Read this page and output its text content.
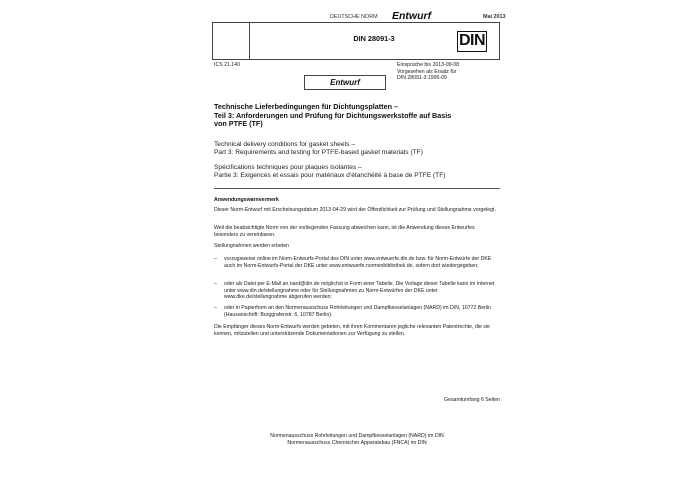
DEUTSCHE NORM Entwurf	Mai 2013
DIN 28091-3	DIN
ICS 21.140	Einsprüche bis 2013-09-08
Vorgesehen als Ersatz für
DIN 28091-3:1995-09
Entwurf
Technische Lieferbedingungen für Dichtungsplatten –
Teil 3: Anforderungen und Prüfung für Dichtungswerkstoffe auf Basis
von PTFE (TF)
Technical delivery conditions for gasket sheets –
Part 3: Requirements and testing for PTFE-based gasket materials (TF)
Spécifications techniques pour plaques isolantes –
Partie 3: Exigences et essais pour matériaux d'étanchéité à base de PTFE (TF)
Anwendungswarnvermerk
Dieser Norm-Entwurf mit Erscheinungsdatum 2013-04-29 wird der Öffentlichkeit zur Prüfung und Stellungnahme vorgelegt.
Weil die beabsichtigte Norm von der vorliegenden Fassung abweichen kann, ist die Anwendung dieses Entwurfes besonders zu vereinbaren.
Stellungnahmen werden erbeten
– vorzugsweise online im Norm-Entwurfs-Portal des DIN unter www.entwuerfe.din.de bzw. für Norm-Entwürfe der DKE auch im Norm-Entwurfs-Portal der DKE unter www.entwuerfe.normenbibliothek.de, sofern dort wiedergegeben;
– oder als Datei per E-Mail an nard@din.de möglichst in Form einer Tabelle. Die Vorlage dieser Tabelle kann im Internet unter www.din.de/stellungnahme oder für Stellungnahmen zu Norm-Entwürfen der DKE unter www.dke.de/stellungnahme abgerufen werden;
– oder in Papierform an den Normenausschuss Rohrleitungen und Dampfkesselanlagen (NARD) im DIN, 10772 Berlin (Hausanschrift: Burggrafenstr. 6, 10787 Berlin).
Die Empfänger dieses Norm-Entwurfs werden gebeten, mit ihren Kommentaren jegliche relevanten Patentrechte, die sie kennen, mitzuteilen und unterstützende Dokumentationen zur Verfügung zu stellen.
Gesamtumfang 6 Seiten
Normenausschuss Rohrleitungen und Dampfkesselanlagen (NARD) im DIN
Normenausschuss Chemischer Apparatebau (FNCA) im DIN
